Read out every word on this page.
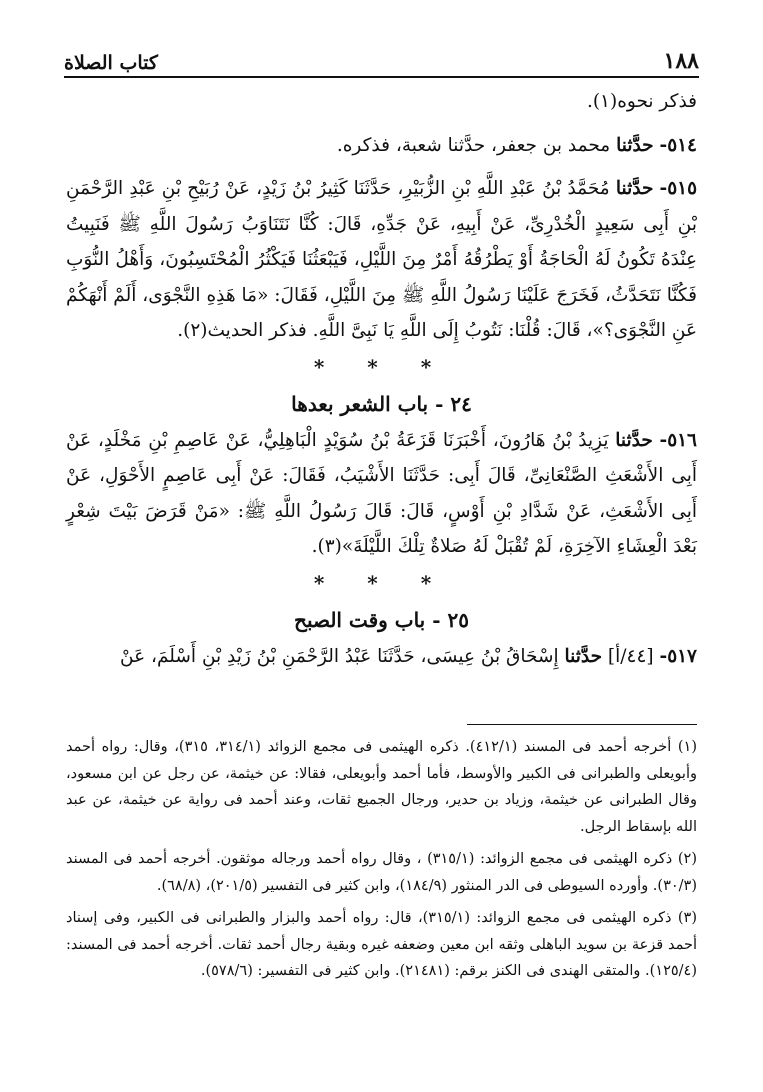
كتاب الصلاة	١٨٨

فذكر نحوه(١).

٥١٤- حدَّثنا محمد بن جعفر، حدَّثنا شعبة، فذكره.

٥١٥- حدَّثنا مُحَمَّدُ بْنُ عَبْدِ اللَّهِ بْنِ الزُّبَيْرِ، حَدَّثَنَا كَثِيرُ بْنُ زَيْدٍ، عَنْ رُبَيْحِ بْنِ عَبْدِ الرَّحْمَنِ بْنِ أَبِى سَعِيدٍ الْخُدْرِىِّ، عَنْ أَبِيهِ، عَنْ جَدِّهِ، قَالَ: كُنَّا نَتَنَاوَبُ رَسُولَ اللَّهِ ﷺ فَنَبِيتُ عِنْدَهُ تَكُونُ لَهُ الْحَاجَةُ أَوْ يَطْرُقُهُ أَمْرٌ مِنَ اللَّيْلِ، فَيَبْعَثُنَا فَيَكْثُرُ الْمُحْتَسِبُونَ، وَأَهْلُ النُّوَبِ فَكُنَّا نَتَحَدَّثُ، فَخَرَجَ عَلَيْنَا رَسُولُ اللَّهِ ﷺ مِنَ اللَّيْلِ، فَقَالَ: «مَا هَذِهِ النَّجْوَى، أَلَمْ أَنْهَكُمْ عَنِ النَّجْوَى؟»، قَالَ: قُلْنَا: نَتُوبُ إِلَى اللَّهِ يَا نَبِىَّ اللَّهِ. فذكر الحديث(٢).

* * *
٢٤ - باب الشعر بعدها

٥١٦- حدَّثنا يَزِيدُ بْنُ هَارُونَ، أَخْبَرَنَا قَزَعَةُ بْنُ سُوَيْدٍ الْبَاهِلِيُّ، عَنْ عَاصِمِ بْنِ مَخْلَدٍ، عَنْ أَبِى الأَشْعَثِ الصَّنْعَانِىِّ، قَالَ أَبِى: حَدَّثَنَا الأَشْيَبُ، فَقَالَ: عَنْ أَبِى عَاصِمٍ الأَحْوَلِ، عَنْ أَبِى الأَشْعَثِ، عَنْ شَدَّادِ بْنِ أَوْسٍ، قَالَ: قَالَ رَسُولُ اللَّهِ ﷺ: «مَنْ قَرَضَ بَيْتَ شِعْرٍ بَعْدَ الْعِشَاءِ الآخِرَةِ، لَمْ تُقْبَلْ لَهُ صَلاةٌ تِلْكَ اللَّيْلَةَ»(٣).

* * *
٢٥ - باب وقت الصبح

٥١٧- [٤٤/أ] حدَّثنا إِسْحَاقُ بْنُ عِيسَى، حَدَّثَنَا عَبْدُ الرَّحْمَنِ بْنُ زَيْدِ بْنِ أَسْلَمَ، عَنْ

(١) أخرجه أحمد فى المسند (٤١٢/١). ذكره الهيثمى فى مجمع الزوائد (٣١٤/١، ٣١٥)، وقال: رواه أحمد وأبويعلى والطبرانى فى الكبير والأوسط، فأما أحمد وأبويعلى، فقالا: عن خيثمة، عن رجل عن ابن مسعود، وقال الطبرانى عن خيثمة، وزياد بن حدير، ورجال الجميع ثقات، وعند أحمد فى رواية عن خيثمة، عن عبد الله بإسقاط الرجل.

(٢) ذكره الهيثمى فى مجمع الزوائد: (٣١٥/١) ، وقال رواه أحمد ورجاله موثقون. أخرجه أحمد فى المسند (٣٠/٣). وأورده السيوطى فى الدر المنثور (١٨٤/٩)، وابن كثير فى التفسير (٢٠١/٥)، (٦٨/٨).

(٣) ذكره الهيثمى فى مجمع الزوائد: (٣١٥/١)، قال: رواه أحمد والبزار والطبرانى فى الكبير، وفى إسناد أحمد قزعة بن سويد الباهلى وثقه ابن معين وضعفه غيره وبقية رجال أحمد ثقات. أخرجه أحمد فى المسند: (١٢٥/٤). والمتقى الهندى فى الكنز برقم: (٢١٤٨١). وابن كثير فى التفسير: (٥٧٨/٦).
